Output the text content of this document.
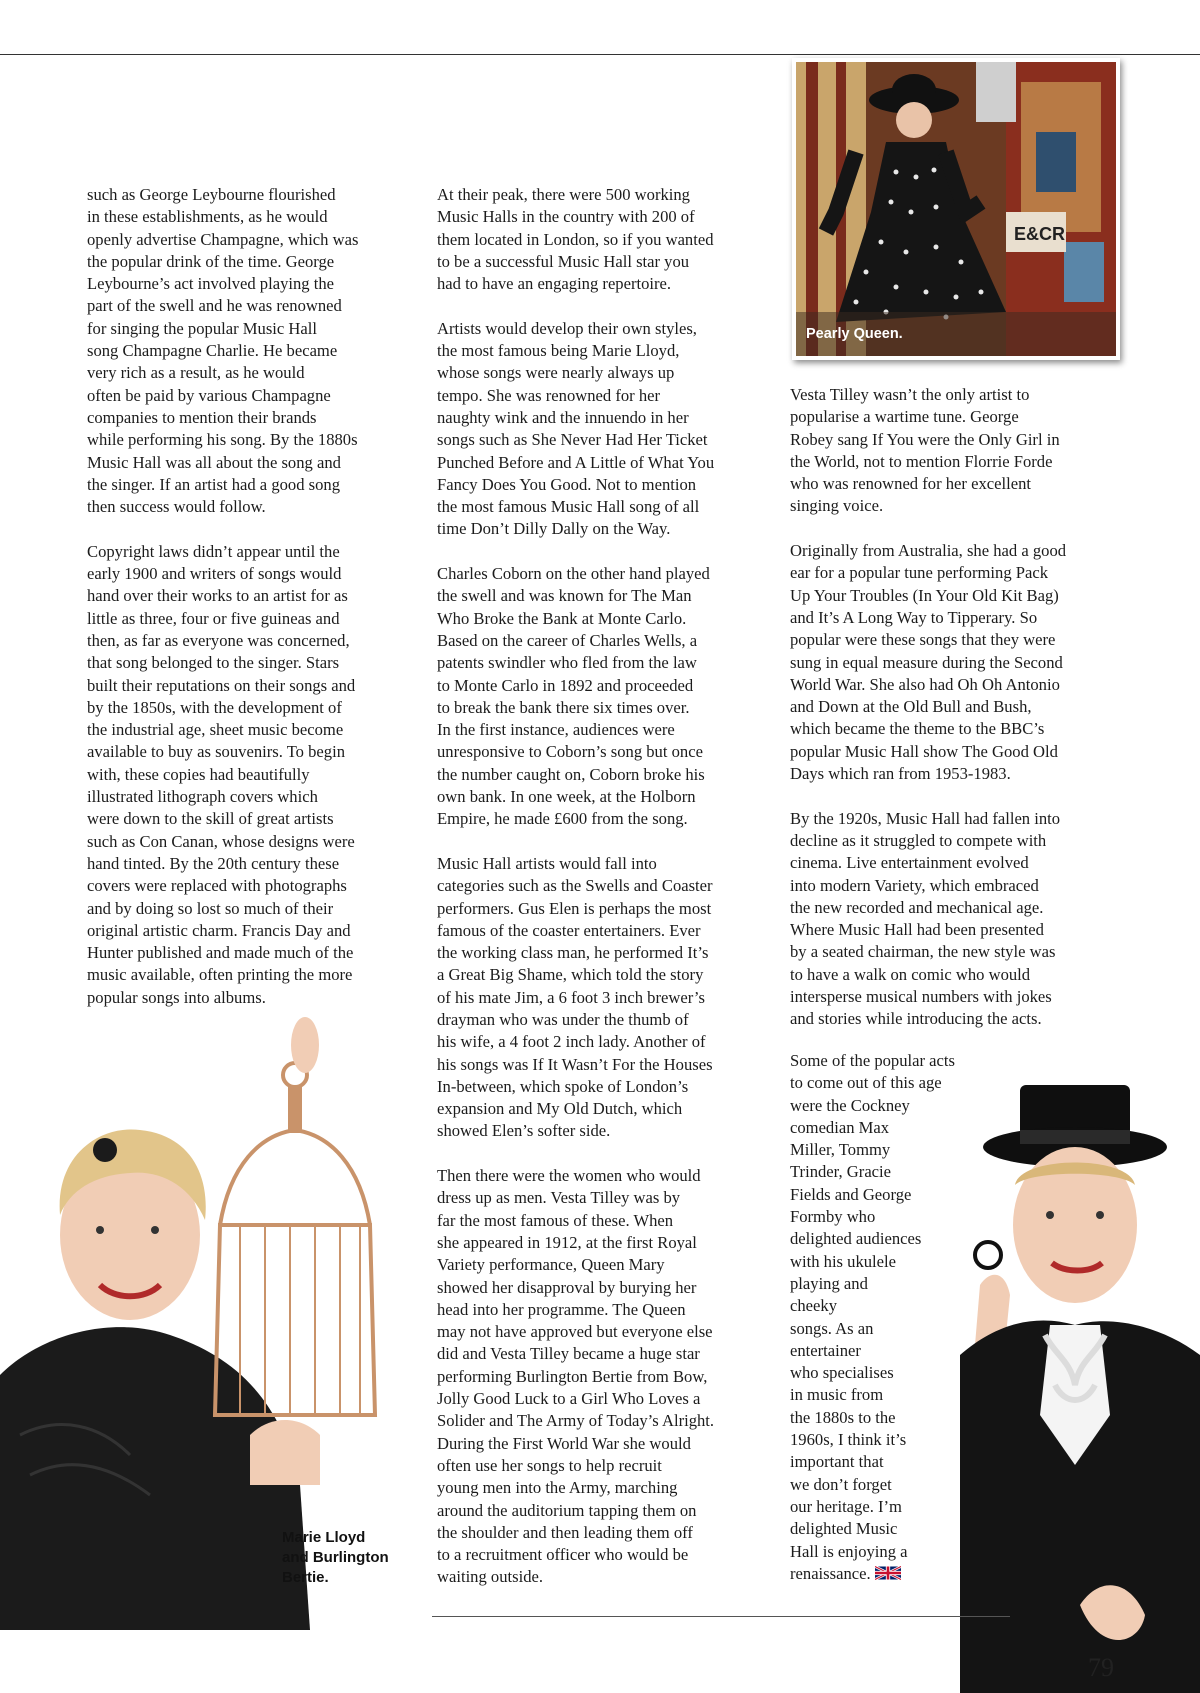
such as George Leybourne flourished
in these establishments, as he would
openly advertise Champagne, which was
the popular drink of the time. George
Leybourne’s act involved playing the
part of the swell and he was renowned
for singing the popular Music Hall
song Champagne Charlie. He became
very rich as a result, as he would
often be paid by various Champagne
companies to mention their brands
while performing his song. By the 1880s
Music Hall was all about the song and
the singer. If an artist had a good song
then success would follow.

Copyright laws didn’t appear until the
early 1900 and writers of songs would
hand over their works to an artist for as
little as three, four or five guineas and
then, as far as everyone was concerned,
that song belonged to the singer. Stars
built their reputations on their songs and
by the 1850s, with the development of
the industrial age, sheet music become
available to buy as souvenirs. To begin
with, these copies had beautifully
illustrated lithograph covers which
were down to the skill of great artists
such as Con Canan, whose designs were
hand tinted. By the 20th century these
covers were replaced with photographs
and by doing so lost so much of their
original artistic charm. Francis Day and
Hunter published and made much of the
music available, often printing the more
popular songs into albums.

At their peak, there were 500 working
Music Halls in the country with 200 of
them located in London, so if you wanted
to be a successful Music Hall star you
had to have an engaging repertoire.

Artists would develop their own styles,
the most famous being Marie Lloyd,
whose songs were nearly always up
tempo. She was renowned for her
naughty wink and the innuendo in her
songs such as She Never Had Her Ticket
Punched Before and A Little of What You
Fancy Does You Good. Not to mention
the most famous Music Hall song of all
time Don’t Dilly Dally on the Way.

Charles Coborn on the other hand played
the swell and was known for The Man
Who Broke the Bank at Monte Carlo.
Based on the career of Charles Wells, a
patents swindler who fled from the law
to Monte Carlo in 1892 and proceeded
to break the bank there six times over.
In the first instance, audiences were
unresponsive to Coborn’s song but once
the number caught on, Coborn broke his
own bank. In one week, at the Holborn
Empire, he made £600 from the song.

Music Hall artists would fall into
categories such as the Swells and Coaster
performers. Gus Elen is perhaps the most
famous of the coaster entertainers. Ever
the working class man, he performed It’s
a Great Big Shame, which told the story
of his mate Jim, a 6 foot 3 inch brewer’s
drayman who was under the thumb of
his wife, a 4 foot 2 inch lady. Another of
his songs was If It Wasn’t For the Houses
In-between, which spoke of London’s
expansion and My Old Dutch, which
showed Elen’s softer side.

Then there were the women who would
dress up as men. Vesta Tilley was by
far the most famous of these. When
she appeared in 1912, at the first Royal
Variety performance, Queen Mary
showed her disapproval by burying her
head into her programme. The Queen
may not have approved but everyone else
did and Vesta Tilley became a huge star
performing Burlington Bertie from Bow,
Jolly Good Luck to a Girl Who Loves a
Solider and The Army of Today’s Alright.
During the First World War she would
often use her songs to help recruit
young men into the Army, marching
around the auditorium tapping them on
the shoulder and then leading them off
to a recruitment officer who would be
waiting outside.

Vesta Tilley wasn’t the only artist to
popularise a wartime tune. George
Robey sang If You were the Only Girl in
the World, not to mention Florrie Forde
who was renowned for her excellent
singing voice.

Originally from Australia, she had a good
ear for a popular tune performing Pack
Up Your Troubles (In Your Old Kit Bag)
and It’s A Long Way to Tipperary. So
popular were these songs that they were
sung in equal measure during the Second
World War. She also had Oh Oh Antonio
and Down at the Old Bull and Bush,
which became the theme to the BBC’s
popular Music Hall show The Good Old
Days which ran from 1953-1983.

By the 1920s, Music Hall had fallen into
decline as it struggled to compete with
cinema. Live entertainment evolved
into modern Variety, which embraced
the new recorded and mechanical age.
Where Music Hall had been presented
by a seated chairman, the new style was
to have a walk on comic who would
intersperse musical numbers with jokes
and stories while introducing the acts.

Some of the popular acts
to come out of this age
were the Cockney
comedian Max
Miller, Tommy
Trinder, Gracie
Fields and George
Formby who
delighted audiences
with his ukulele
playing and
cheeky
songs. As an
entertainer
who specialises
in music from
the 1880s to the
1960s, I think it’s
important that
we don’t forget
our heritage. I’m
delighted Music
Hall is enjoying a
renaissance.

E&CR
Pearly Queen.
Marie Lloyd
and Burlington
Bertie.
79
